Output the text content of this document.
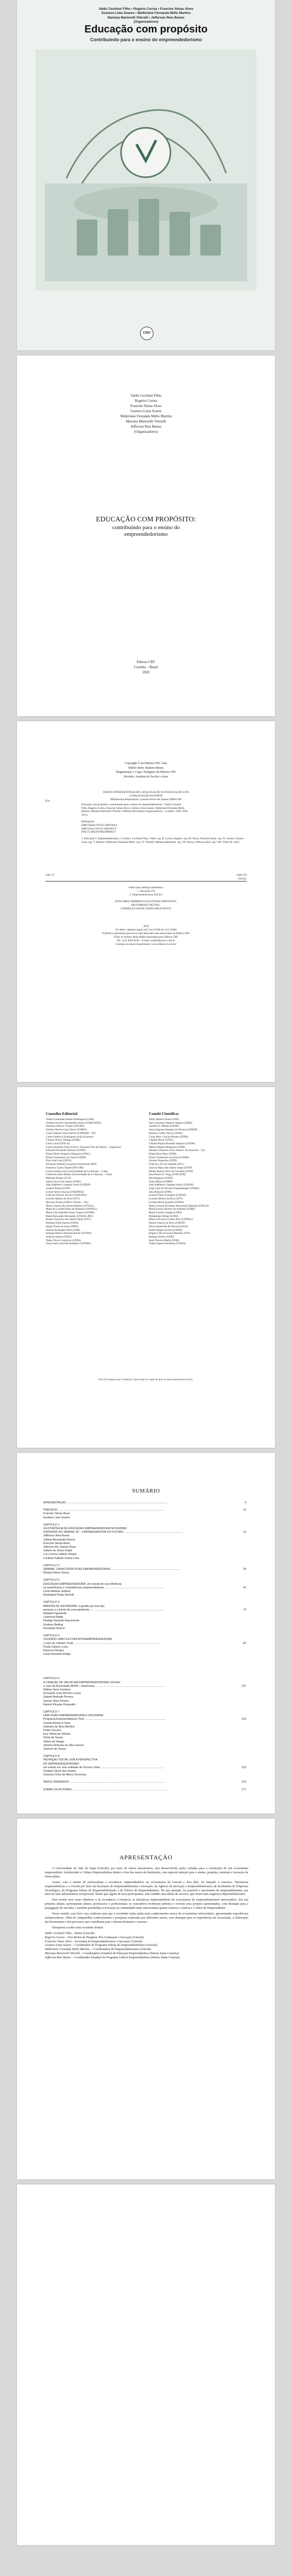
Valdir Cechinel Filho • Rogerio Correa • Francine Simas Alves
Gustavo Lima Soares • Walkiriane Fernanda Mello Martins
Mariana Martorelli Vitorelli • Jefferson Reis Bueno
(Organizadores)
Educação com propósito
Contribuindo para o ensino do empreendedorismo
CRV
Valdir Cechinel Filho
Rogerio Correa
Francine Simas Alves
Gustavo Lima Soares
Walkiriane Fernanda Mello Martins
Mariana Martorelli Vitorelli
Jefferson Reis Bueno
(Organizadores)
EDUCAÇÃO COM PROPÓSITO:
contribuindo para o ensino do
empreendedorismo
Editora CRV
Curitiba – Brasil
2020
Copyright © da Editora CRV Ltda.
Editor-chefe: Railson Moura
Diagramação e Capa: Designers da Editora CRV
Revisão: Analista de Escrita e Artes
DADOS INTERNACIONAIS DE CATALOGAÇÃO NA PUBLICAÇÃO (CIP)
CATALOGAÇÃO NA FONTE
Bibliotecária Responsável: Luzenira Alves dos Santos CRB9/1506
E24
Educação com propósito: contribuindo para o ensino do empreendedorismo / Valdir Cechinel
Filho, Rogerio Correa, Francine Simas Alves, Gustavo Lima Soares, Walkiriane Fernanda Mello
Martins, Mariana Martorelli Vitorelli, Jefferson Reis Bueno (organizadores) – Curitiba : CRV, 2020.
162 p.
Bibliografia
ISBN Digital 978-65-5868-064-6
ISBN Físico 978-65-5868-063-9
DOI 10.24824/978655868063.9
1. Educação 2. Empreendedorismo 3. Gestão I. Cechinel Filho, Valdir. org. II. Correa, Rogerio. org. III. Alves, Francine Simas. org. IV. Soares, Gustavo Lima. org. V. Martins, Walkiriane Fernanda Mello. org. VI. Vitorelli, Mariana Martorelli. org. VII. Bueno, Jefferson Reis. org. VIII. Título IX. Série
CDU 37	CDD 370
658.421
Índice para catálogo sistemático
1. Educação 370
2. Empreendedorismo 658.421
ESTA OBRA TAMBÉM SE ENCONTRA DISPONÍVEL
EM FORMATO DIGITAL.
CONHEÇA E BAIXE NOSSO APLICATIVO!
2020
Foi feito o depósito legal conf. Lei 10.994 de 14/12/2004
Proibida a reprodução parcial ou total desta obra sem autorização da Editora CRV
Todos os direitos desta edição reservados pela: Editora CRV
Tel.: (41) 3029-6416 – E-mail: sac@editoracrv.com.br
Conheça os nossos lançamentos: www.editoracrv.com.br
Conselho Editorial:	Comitê Científico:
Aldira Guimarães Duarte Domínguez (UNB)
Andréia da Silva Quintanilha Sousa (UNIR/UFRN)
Anselmo Alencar Colares (UFOPA)
Antônio Pereira Gaio Júnior (UFRRJ)
Carlos Alberto Vilar Estêvão (UMINHO – PT)
Carlos Federico Dominguez Avila (Unieuro)
Carmen Tereza Velanga (UNIR)
Celso Conti (UFSCar)
Cesar Gerónimo Tello (Univer .Nacional Três de Febrero – Argentina)
Eduardo Fernandes Barbosa (UFMG)
Elione Maria Nogueira Diogenes (UFAL)
Elizeu Clementino de Souza (UNEB)
Élsio José Corá (UFFS)
Fernando Antônio Gonçalves Alcoforado (IPB)
Francisco Carlos Duarte (PUC-PR)
Gloria Fariñas León (Universidade de La Havana – Cuba)
Guillermo Arias Beatón (Universidade de La Havana – Cuba)
Helmuth Krüger (UCP)
Jailson Alves dos Santos (UFRJ)
João Adalberto Campato Junior (UNESP)
Josania Portela (UFPI)
Leonel Severo Rocha (UNISINOS)
Lídia de Oliveira Xavier (UNIEURO)
Lourdes Helena da Silva (UFV)
Marcelo Paixão (UFRJ e UTexas – US)
Maria Cristina dos Santos Bezerra (UFSCar)
Maria de Lourdes Pinto de Almeida (UNOESC)
Maria Lília Imbiriba Sousa Colares (UFOPA)
Paulo Romualdo Hernandes (UNIFAL-MG)
Renato Francisco dos Santos Paula (UFG)
Rodrigo Pratte-Santos (UFES)
Sérgio Nunes de Jesus (IFRO)
Simone Rodrigues Pinto (UNB)
Solange Helena Ximenes-Rocha (UFOPA)
Sydione Santos (UEPG)
Tadeu Oliver Gonçalves (UFPA)
Tania Suely Azevedo Brasileiro (UFOPA)
Altair Alberto Fávero (UPF)
Ana Chrystina Venancio Mignot (UERJ)
Andréia N. Militão (UEMS)
Anna Augusta Sampaio de Oliveira (UNESP)
Barbara Coelho Neves (UFBA)
Cindy Mery Gavioli-Prestes (UFPB)
Cláudia Neves (UFSC)
Cláudia Regina Brandão Sampaio (UFAM)
Débora Regina Mosqueta (UNIR)
Diosnel Centurion (Univ Americ. de Asunción – Py)
Eliane Rose Maio (UEM)
Elizeu Clementino de Souza (UNEB)
Fauston Negreiros (UFPI)
Francisco Ari de Andrade (UFC)
Gláucia Maria dos Santos Jorge (UFOP)
Helder Buenos Aires de Carvalho (UFPI)
Ilma Passos A. Veiga (UNICEUB)
Inês Bragança (UERJ)
Jaime Biella (UNIRP)
Joao Adalberto Campato Junior (UNESP)
Jorge Luiz de Oliveira Frankenberger (UFMA)
Júlia Bianchi (UFPE)
Leonora Pinto Cerqueira (UNESP)
Lourdes Helena da Silva (UFV)
Luciana Maria Quintão (UFMA)
Maria Cristina Piumbato Innocentini Hayashi (UFSCar)
Maria Eurácia Barreto de Andrade (UFRB)
Maria Lourdes Aragão (UFRJ)
Mohammed Elhajji (UFRJ)
Mônica Piccione Gomes Rios (UNIFAL)
Nelson Chaves da Silva (UNESP)
Neusa Aparecida de Oliveira (UFSJ)
Pedro Borges da Silva (UNEB)
Regina Célia de Souza Marinho (UFF)
Rodrigo Kleber (UFRJ)
Sueli Teixeira Mello (UEM)
Valéria Aparecida Bonin (UNISO)
Este livro passou por avaliação e aprovação às cegas de dois ou mais pareceristas ad hoc.
SUMÁRIO
APRESENTAÇÃO ..................................................................................................................................	9
PREFÁCIO .........................................................................................................................................	11
Francine Simas Alves
Gustavo Lima Soares
CAPÍTULO 1
A ESTRATÉGIA DE EDUCAÇÃO EMPREENDEDORA NO ENSINO
SUPERIOR DO SEBRAE SC – EMPREENDEDOR DO FUTURO ............................................................................	13
Jefferson Reis Bueno
Juliana Alessandra Bossa
Francine Simas Alves
Jeferson dos Santos Rosa
Juliane do Jesus Grigol
Luz Lorena Ladeira Vargas
Lucilene Fabíola Selma Lima
CAPÍTULO 2
SEBRAE: CARACTERÍSTICAS EMPREENDEDORAS .........................................................................................	25
Elisiane Alves Sousa
CAPÍTULO 3
EDUCAÇÃO EMPREENDEDORA: um estudo de sua influência
na autoeficácia e competências empreendedoras ..............................................................................	41
Carla Adriane Galiano
Elisângela Paula Hochuli
CAPÍTULO 4
MANTER-SE INOVADORA: a gestão por trás das
pessoas e a frente de uma pandemia ...............................................................................................	73
Rafaela Figueiredo
Laurencio Matte
Rodrigo Gerardo Nascimento
Gustavo Betting
Fernanda Ghiorzi
CAPÍTULO 5
TECENDO UMA CULTURA INTRAEMPREENDEDORA:
o caso do Câmbio Téxtil .................................................................................................................	87
Paula Caliane Luzin
Emerson Borges
Carla Giovanini Antigo
CAPÍTULO 6
A CRIAÇÃO DE VALOR EM EMPREENDEDORISMO SOCIAL:
o caso da Associação APDA – Esperança ..........................................................................................	107
Nathan Sens Cardoso
Fernando Jose Hinrichs Lessa
Gabriel Andrade Pereira
Sanmir Silva Pereira
Ramiro Ricardo Rosasallo
CAPÍTULO 7
UMA VISÃO EMPREENDEDORA E SOLIDÁRIA:
Programa Empreendedores Teen .........................................................................................................	123
Camila Bereta E Silva
Gabriela da Silva Benfica
Pedro Ferreira
Eva Vitória de Silveira
Sônia de Souza
Vitória de Vargas
Jamena Antunes da Silva Garcia
Jackson de Souza
CAPÍTULO 8
INOVAÇÃO SOCIAL SOB A PERSPECTIVA
DO EMPREENDEDORISMO:
um estudo em uma entidade de Terceiro Setor .................................................................................	133
Cristiani Sturm dos Santos
Cleomar Chico de Abreu Ouverney
ÍNDICE REMISSIVO ............................................................................................................................	175
SOBRE OS AUTORES ............................................................................................................................	177
APRESENTAÇÃO

A Universidade do Vale do Itajaí (Univali), por meio de vários mecanismos, tem desenvolvido ações voltadas para a construção de um ecossistema empreendedor, fortalecendo a Cultura Empreendedora dentro e fora dos muros da Instituição, com especial atenção para o ensino, pesquisa, extensão e inovação de forma plena.

Assim, com o intuito de potencializar e reconhecer empreendedores no ecossistema da Univali e fora dele, foi lançado o concurso "Iniciativas empreendedoras e a Univali por meio da Secretaria de Empreendedorismo e Inovação, da Agência de Inovação e Empreendedorismo, da Incubadora de Empresas Tecnológica, do Programa Sebrae de Empreendedorismo e do Núcleo de Empreendedores. No ano passado, foi possível o nascimento de empreendimentos, por meio de uma infraestrutura excepcional. Sendo que alguns de seus participantes, tem vendido suas ideias de sucesso, que viram mais negócios empreendedorismo.

Esse evento teve como objetivos o de reconhecer e fortalecer as iniciativas empreendedoras do ecossistema do empreendedorismo universitário. Em sua primeira edição, participaram alunos, professores e profissionais; os vencedores receberam prêmios e tiveram seus projetos apresentados, com destaque para a propagação de um lado, e também possibilitar a inovação na comunidade tanto universitária quanto externa e coletiva e o Sabor de Empreendedor.

Nesse sentido, este livro visa colaborar para que a sociedade tenha ainda mais conhecimento acerca do ecossistema universitário, apresentando experiências enriquecedoras. Além de compartilhar conhecimentos e pesquisas realizadas por diferentes atores, com destaque para as experiências da Associação, a elaboração das ferramentas e dos processos que contribuem para o desenvolvimento e sucesso.

Desejamos a todos uma excelente leitura!

Valdir Cechinel Filho – Reitor (Univali)

Rogerio Correa – Vice-Reitor de Pesquisa, Pós-Graduação e Inovação (Univali)

Francine Simas Alves – Secretária de Empreendedorismo e Inovação (Univali)

Gustavo Lima Soares – Coordenador do Programa Sebrae de Empreendedorismo (Univali)

Walkiriane Fernanda Mello Martins – Coordenadora de Empreendedorismo (Univali)

Mariana Martorelli Vitorelli – Coordenadora Estadual de Educação Empreendedora (Sebrae Santa Catarina)

Jefferson Reis Bueno – Coordenador Estadual do Programa Líderes Empreendedores (Sebrae Santa Catarina)
